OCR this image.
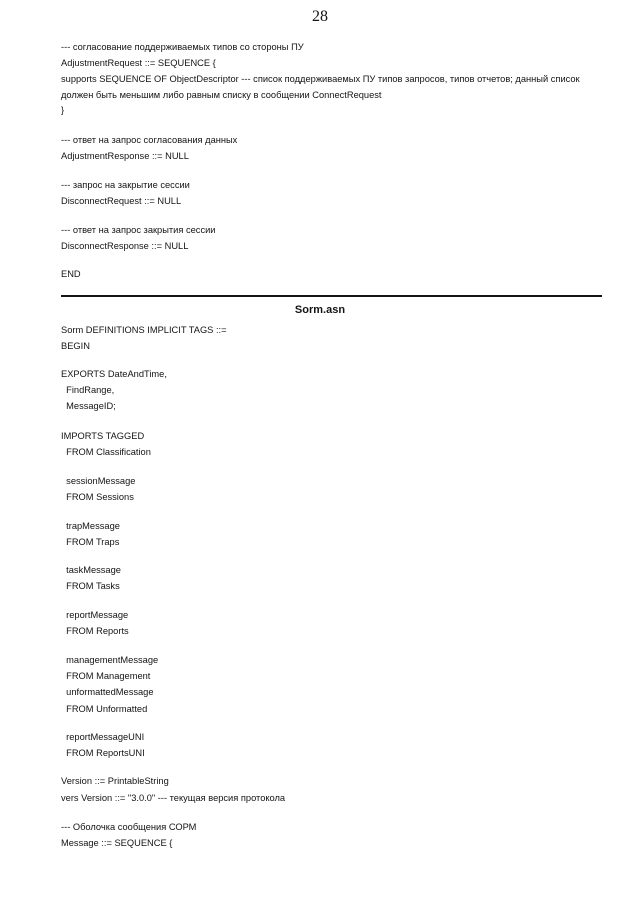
28

--- согласование поддерживаемых типов со стороны ПУ

AdjustmentRequest ::= SEQUENCE {

supports SEQUENCE OF ObjectDescriptor --- список поддерживаемых ПУ типов запросов, типов отчетов; данный список должен быть меньшим либо равным списку в сообщении ConnectRequest

}

--- ответ на запрос согласования данных

AdjustmentResponse ::= NULL

--- запрос на закрытие сессии

DisconnectRequest ::= NULL

--- ответ на запрос закрытия сессии

DisconnectResponse ::= NULL

END

Sorm.asn

Sorm DEFINITIONS IMPLICIT TAGS ::=

BEGIN

EXPORTS DateAndTime,

FindRange,

MessageID;

IMPORTS TAGGED

FROM Classification

sessionMessage

FROM Sessions

trapMessage

FROM Traps

taskMessage

FROM Tasks

reportMessage

FROM Reports

managementMessage

FROM Management

unformattedMessage

FROM Unformatted

reportMessageUNI

FROM ReportsUNI

Version ::= PrintableString

vers Version ::= "3.0.0" --- текущая версия протокола

--- Оболочка сообщения СОРМ

Message ::= SEQUENCE {
